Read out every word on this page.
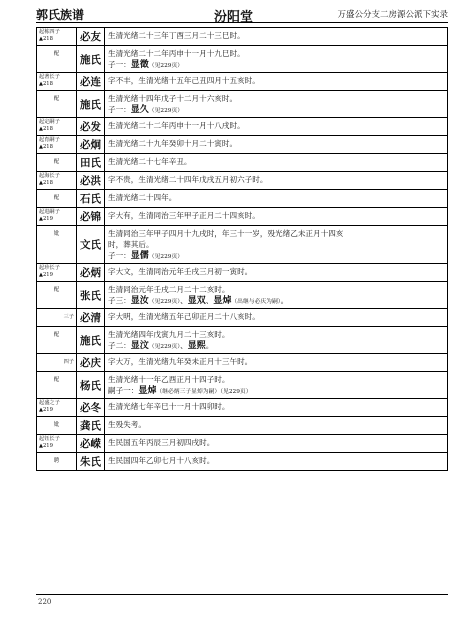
郭氏族谱	汾阳堂	万盛公分支二房源公派下实录
起栋四子
▲218	必友	生清光绪二十三年丁酉三月二十三巳时。

配	施氏	生清光绪二十二年丙申十一月十九巳时。
子一：显徵（见229页）

起著长子
▲218	必连	字不丰，生清光绪十五年己丑四月十五亥时。

配	施氏	生清光绪十四年戊子十二月十六亥时。
子一：显久（见229页）

起定嗣子
▲218	必发	生清光绪二十二年丙申十一月十八戌时。

起育嗣子
▲218	必炯	生清光绪二十九年癸卯十月二十寅时。

配	田氏	生清光绪二十七年辛丑。

起海长子
▲218	必洪	字不贵，生清光绪二十四年戊戌五月初六子时。

配	石氏	生清光绪二十四年。

起进嗣子
▲219	必锦	字大有，生清同治三年甲子正月二十四亥时。

妣	文氏	生清同治三年甲子四月十九戌时，年三十一岁，殁光绪乙未正月十四亥
时，葬其后。
子一：显儒（见229页）

起珍长子
▲219	必炳	字大文，生清同治元年壬戌三月初一寅时。

配	张氏	生清同治元年壬戌二月二十二亥时。
子三：显汝（见229页）、显双、显焯（出继与必庆为嗣）。

三子	必清	字大明，生清光绪五年己卯正月二十八亥时。

配	施氏	生清光绪四年戊寅九月二十三亥时。
子二：显汶（见229页）、显熙。

四子	必庆	字大万，生清光绪九年癸未正月十三午时。

配	杨氏	生清光绪十一年乙酉正月十四子时。
嗣子一：显焯（继必炳三子显焯为嗣）（见229页）

起盛之子
▲219	必冬	生清光绪七年辛巳十一月十四卯时。

妣	龚氏	生殁失考。

起钰长子
▲219	必嵘	生民国五年丙辰三月初四戌时。

聘	朱氏	生民国四年乙卯七月十八亥时。
220
